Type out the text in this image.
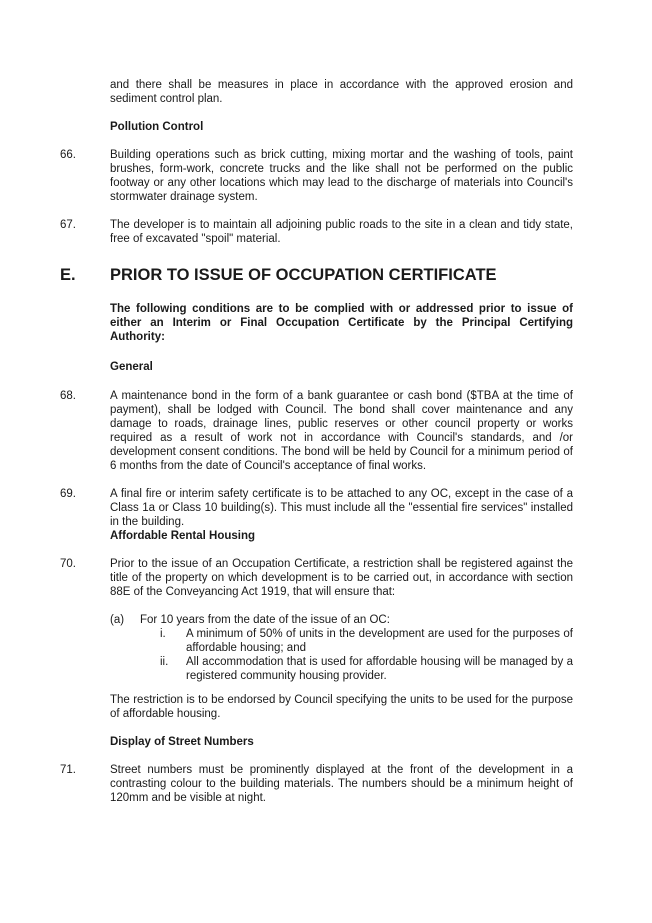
and there shall be measures in place in accordance with the approved erosion and sediment control plan.

Pollution Control

66.	Building operations such as brick cutting, mixing mortar and the washing of tools, paint brushes, form-work, concrete trucks and the like shall not be performed on the public footway or any other locations which may lead to the discharge of materials into Council's stormwater drainage system.
67.	The developer is to maintain all adjoining public roads to the site in a clean and tidy state, free of excavated "spoil" material.
E. PRIOR TO ISSUE OF OCCUPATION CERTIFICATE

The following conditions are to be complied with or addressed prior to issue of either an Interim or Final Occupation Certificate by the Principal Certifying Authority:

General

68.	A maintenance bond in the form of a bank guarantee or cash bond ($TBA at the time of payment), shall be lodged with Council. The bond shall cover maintenance and any damage to roads, drainage lines, public reserves or other council property or works required as a result of work not in accordance with Council's standards, and /or development consent conditions. The bond will be held by Council for a minimum period of 6 months from the date of Council's acceptance of final works.
69.	A final fire or interim safety certificate is to be attached to any OC, except in the case of a Class 1a or Class 10 building(s). This must include all the "essential fire services" installed in the building.

Affordable Rental Housing

70.	Prior to the issue of an Occupation Certificate, a restriction shall be registered against the title of the property on which development is to be carried out, in accordance with section 88E of the Conveyancing Act 1919, that will ensure that:
(a) For 10 years from the date of the issue of an OC:
i.	A minimum of 50% of units in the development are used for the purposes of affordable housing; and
ii.	All accommodation that is used for affordable housing will be managed by a registered community housing provider.

The restriction is to be endorsed by Council specifying the units to be used for the purpose of affordable housing.

Display of Street Numbers

71.	Street numbers must be prominently displayed at the front of the development in a contrasting colour to the building materials. The numbers should be a minimum height of 120mm and be visible at night.
